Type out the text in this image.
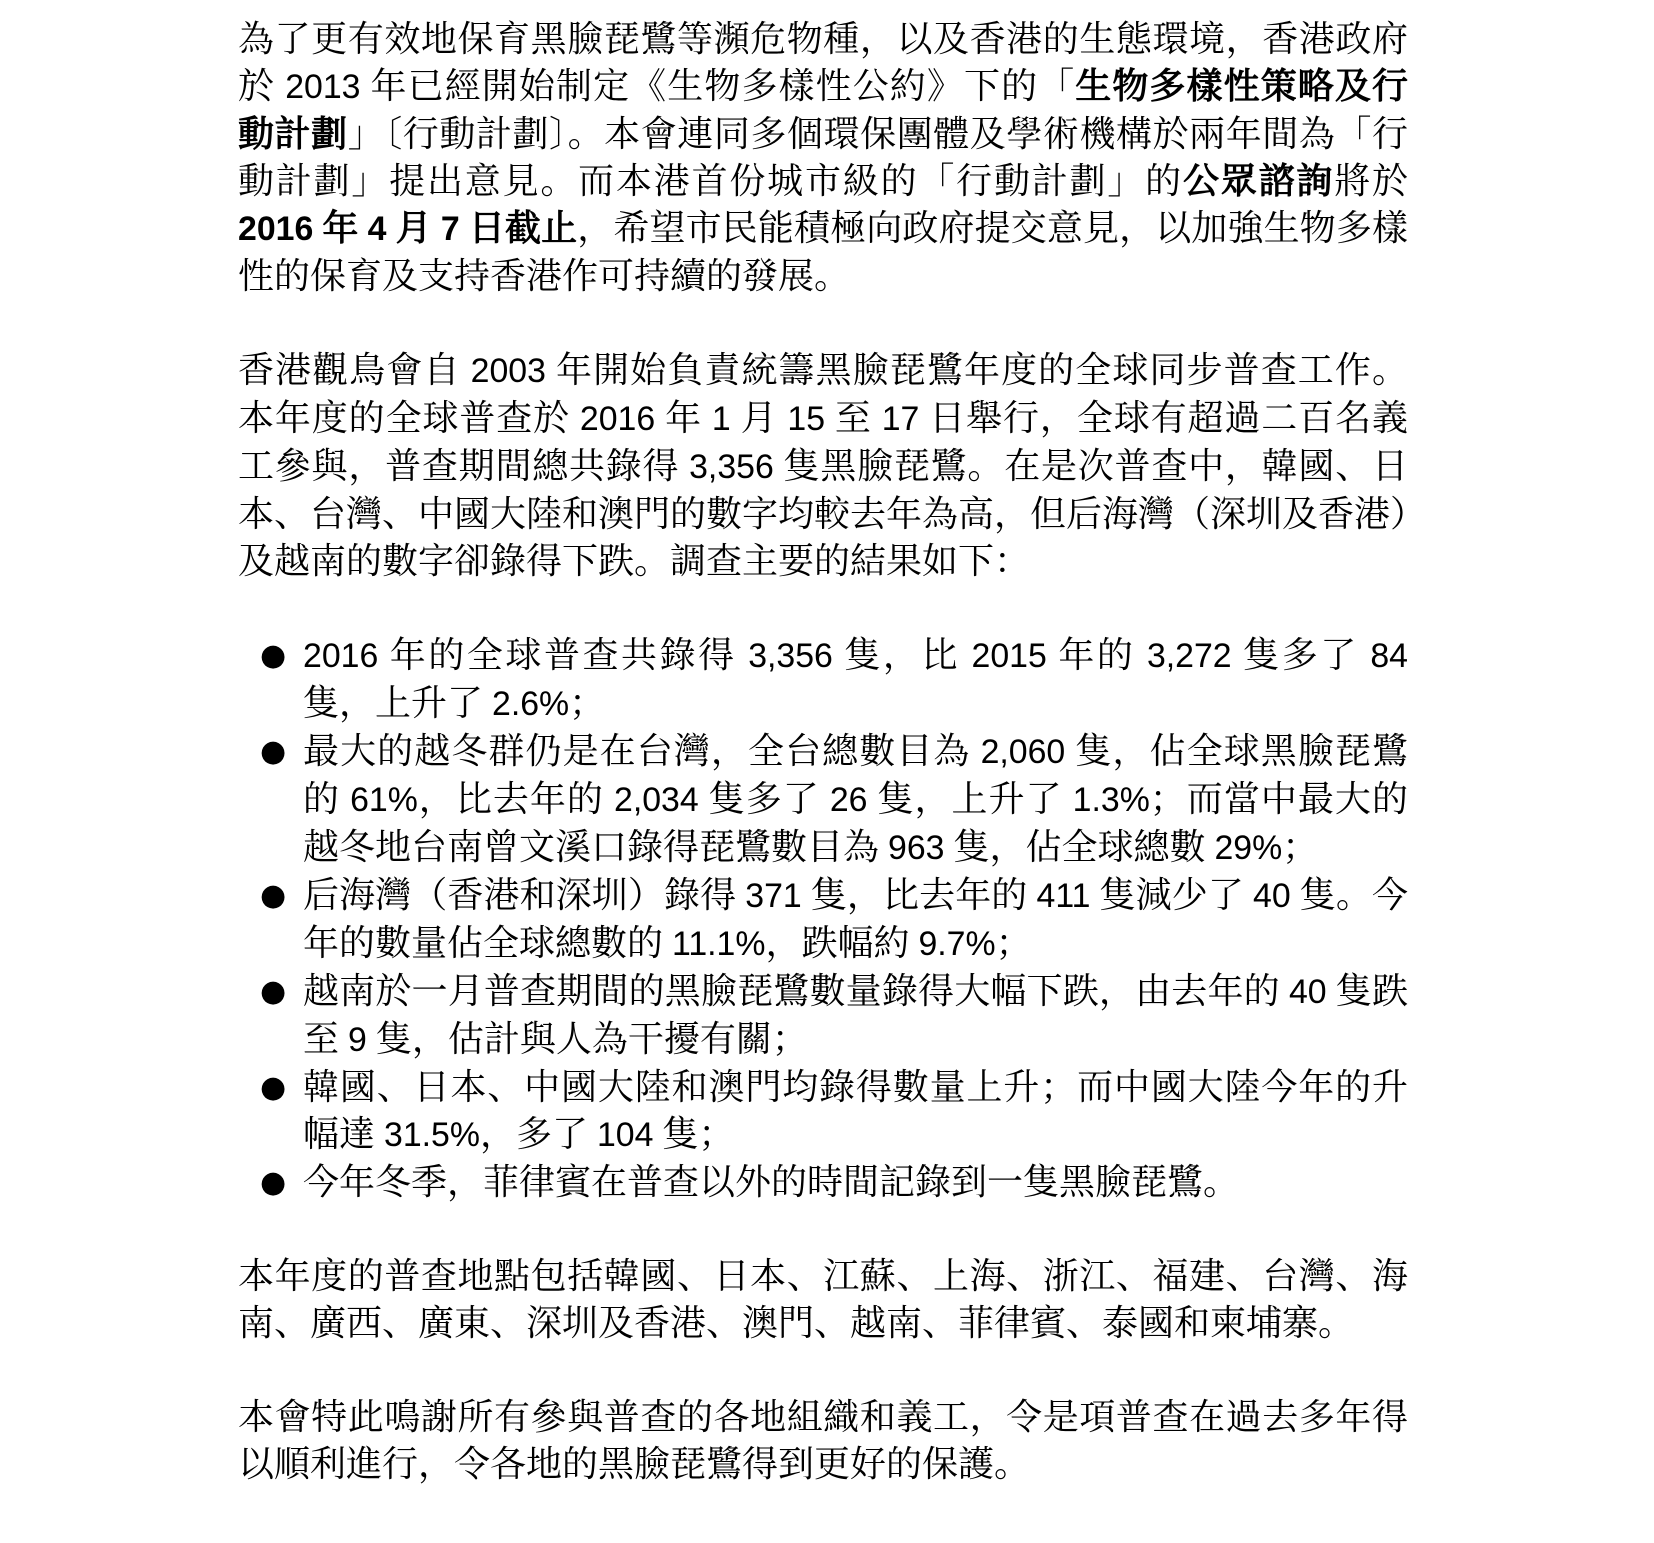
為了更有效地保育黑臉琵鷺等瀕危物種，以及香港的生態環境，香港政府於 2013 年已經開始制定《生物多樣性公約》下的「生物多樣性策略及行動計劃」〔行動計劃〕。本會連同多個環保團體及學術機構於兩年間為「行動計劃」提出意見。而本港首份城市級的「行動計劃」的公眾諮詢將於 2016 年 4 月 7 日截止，希望市民能積極向政府提交意見，以加強生物多樣性的保育及支持香港作可持續的發展。

香港觀鳥會自 2003 年開始負責統籌黑臉琵鷺年度的全球同步普查工作。本年度的全球普查於 2016 年 1 月 15 至 17 日舉行，全球有超過二百名義工參與，普查期間總共錄得 3,356 隻黑臉琵鷺。在是次普查中，韓國、日本、台灣、中國大陸和澳門的數字均較去年為高，但后海灣（深圳及香港）及越南的數字卻錄得下跌。調查主要的結果如下：

● 2016 年的全球普查共錄得 3,356 隻，比 2015 年的 3,272 隻多了 84 隻，上升了 2.6%；
● 最大的越冬群仍是在台灣，全台總數目為 2,060 隻，佔全球黑臉琵鷺的 61%，比去年的 2,034 隻多了 26 隻，上升了 1.3%；而當中最大的越冬地台南曾文溪口錄得琵鷺數目為 963 隻，佔全球總數 29%；
● 后海灣（香港和深圳）錄得 371 隻，比去年的 411 隻減少了 40 隻。今年的數量佔全球總數的 11.1%，跌幅約 9.7%；
● 越南於一月普查期間的黑臉琵鷺數量錄得大幅下跌，由去年的 40 隻跌至 9 隻，估計與人為干擾有關；
● 韓國、日本、中國大陸和澳門均錄得數量上升；而中國大陸今年的升幅達 31.5%，多了 104 隻；
● 今年冬季，菲律賓在普查以外的時間記錄到一隻黑臉琵鷺。

本年度的普查地點包括韓國、日本、江蘇、上海、浙江、福建、台灣、海南、廣西、廣東、深圳及香港、澳門、越南、菲律賓、泰國和柬埔寨。

本會特此鳴謝所有參與普查的各地組織和義工，令是項普查在過去多年得以順利進行，令各地的黑臉琵鷺得到更好的保護。
